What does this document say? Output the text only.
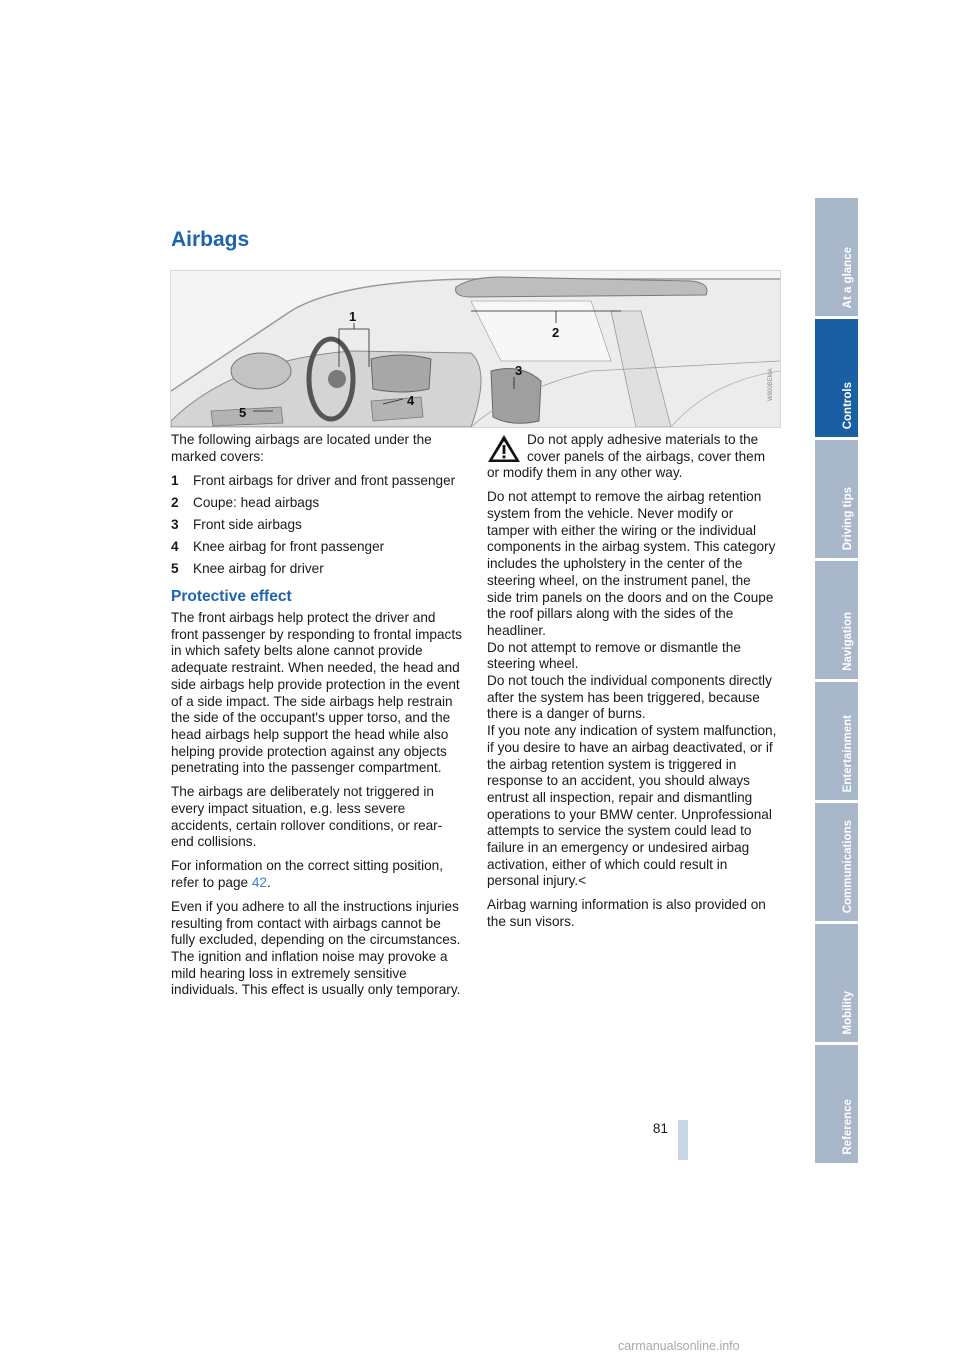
Airbags
1
2
3
4
5
W800BEMA

The following airbags are located under the marked covers:

1	Front airbags for driver and front passenger
2	Coupe: head airbags
3	Front side airbags
4	Knee airbag for front passenger
5	Knee airbag for driver
Protective effect

The front airbags help protect the driver and front passenger by responding to frontal impacts in which safety belts alone cannot provide adequate restraint. When needed, the head and side airbags help provide protection in the event of a side impact. The side airbags help restrain the side of the occupant's upper torso, and the head airbags help support the head while also helping provide protection against any objects penetrating into the passenger compartment.

The airbags are deliberately not triggered in every impact situation, e.g. less severe accidents, certain rollover conditions, or rear-end collisions.

For information on the correct sitting position, refer to page 42.

Even if you adhere to all the instructions injuries resulting from contact with airbags cannot be fully excluded, depending on the circumstances. The ignition and inflation noise may provoke a mild hearing loss in extremely sensitive individuals. This effect is usually only temporary.

Do not apply adhesive materials to the cover panels of the airbags, cover them or modify them in any other way.
Do not attempt to remove the airbag retention system from the vehicle. Never modify or tamper with either the wiring or the individual components in the airbag system. This category includes the upholstery in the center of the steering wheel, on the instrument panel, the side trim panels on the doors and on the Coupe the roof pillars along with the sides of the headliner.
Do not attempt to remove or dismantle the steering wheel.
Do not touch the individual components directly after the system has been triggered, because there is a danger of burns.
If you note any indication of system malfunction, if you desire to have an airbag deactivated, or if the airbag retention system is triggered in response to an accident, you should always entrust all inspection, repair and dismantling operations to your BMW center. Unprofessional attempts to service the system could lead to failure in an emergency or undesired airbag activation, either of which could result in personal injury.<

Airbag warning information is also provided on the sun visors.

81
At a glance
Controls
Driving tips
Navigation
Entertainment
Communications
Mobility
Reference
carmanualsonline.info
